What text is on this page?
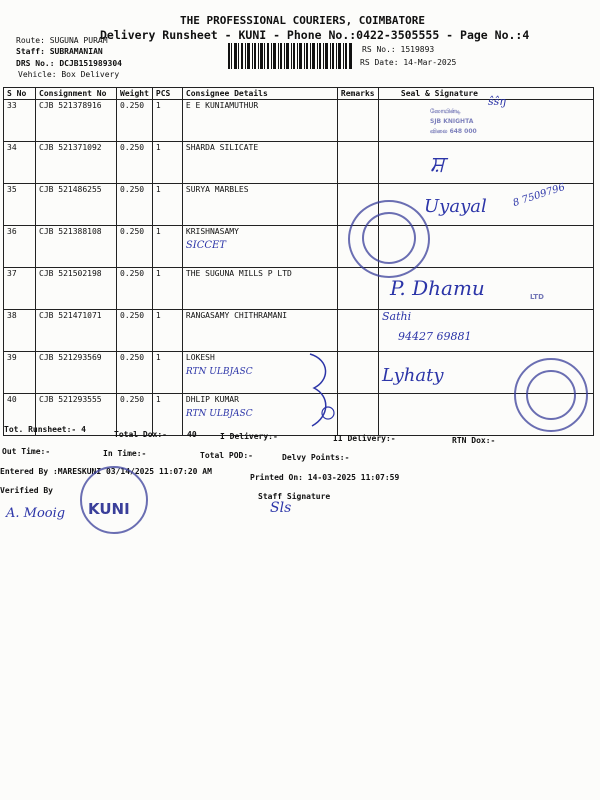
THE PROFESSIONAL COURIERS, COIMBATORE
Delivery Runsheet - KUNI - Phone No.:0422-3505555 - Page No.:4
Route: SUGUNA PURAM
Staff: SUBRAMANIAN
DRS No.: DCJB151989304
Vehicle: Box Delivery
RS No.: 1519893
RS Date: 14-Mar-2025
S No	Consignment No	Weight	PCS	Consignee Details	Remarks	Seal & Signature
33	CJB 521378916	0.250	1	E E KUNIAMUTHUR		
34	CJB 521371092	0.250	1	SHARDA SILICATE		
35	CJB 521486255	0.250	1	SURYA MARBLES		
36	CJB 521388108	0.250	1	KRISHNASAMY
SICCET		

37	CJB 521502198	0.250	1	THE SUGUNA MILLS P LTD		
38	CJB 521471071	0.250	1	RANGASAMY CHITHRAMANI		
39	CJB 521293569	0.250	1	LOKESH
RTN ULBJASC		

40	CJB 521293555	0.250	1	DHLIP KUMAR
RTN ULBJASC		

ŝŝŋ
ஸோயின்டி
SJB KNIGHTA
விலை 648 000
ਸ਼
Uyayal 8 7509796
P. Dhamu	LTD
Sathi
94427 69881
Lyhaty
Tot. Runsheet:- 4
Total Dox:-	40	I Delivery:-	II Delivery:-	RTN Dox:-
Out Time:-	In Time:-	Total POD:-	Delvy Points:-
Entered By :MARESKUNI 03/14/2025 11:07:20 AM
Printed On: 14-03-2025 11:07:59
Verified By
Staff Signature
KUNI
A. Mooig	Sls
